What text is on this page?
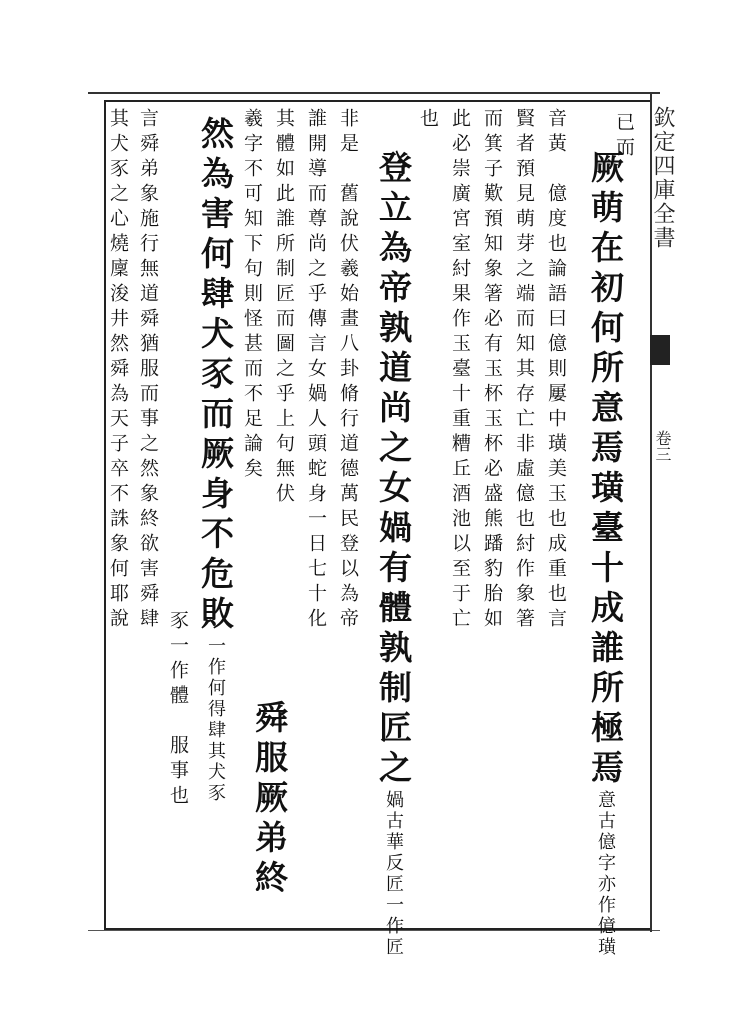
欽定四庫全書
卷三
已而
厥萌在初何所意焉璜臺十成誰所極焉意古億字亦作億璜
音黃　億度也論語曰億則屢中璜美玉也成重也言
賢者預見萌芽之端而知其存亡非虛億也紂作象箸
而箕子歎預知象箸必有玉杯玉杯必盛熊蹯豹胎如
此必崇廣宮室紂果作玉臺十重糟丘酒池以至于亡
也
登立為帝孰道尚之女媧有體孰制匠之媧古華反匠一作匠
非是　舊說伏羲始畫八卦脩行道德萬民登以為帝
誰開導而尊尚之乎傳言女媧人頭蛇身一日七十化
其體如此誰所制匠而圖之乎上句無伏
羲字不可知下句則怪甚而不足論矣
舜服厥弟終
然為害何肆犬豕而厥身不危敗一作何得肆其犬豕
豕一作體　服事也
言舜弟象施行無道舜猶服而事之然象終欲害舜肆
其犬豕之心燒廩浚井然舜為天子卒不誅象何耶說
